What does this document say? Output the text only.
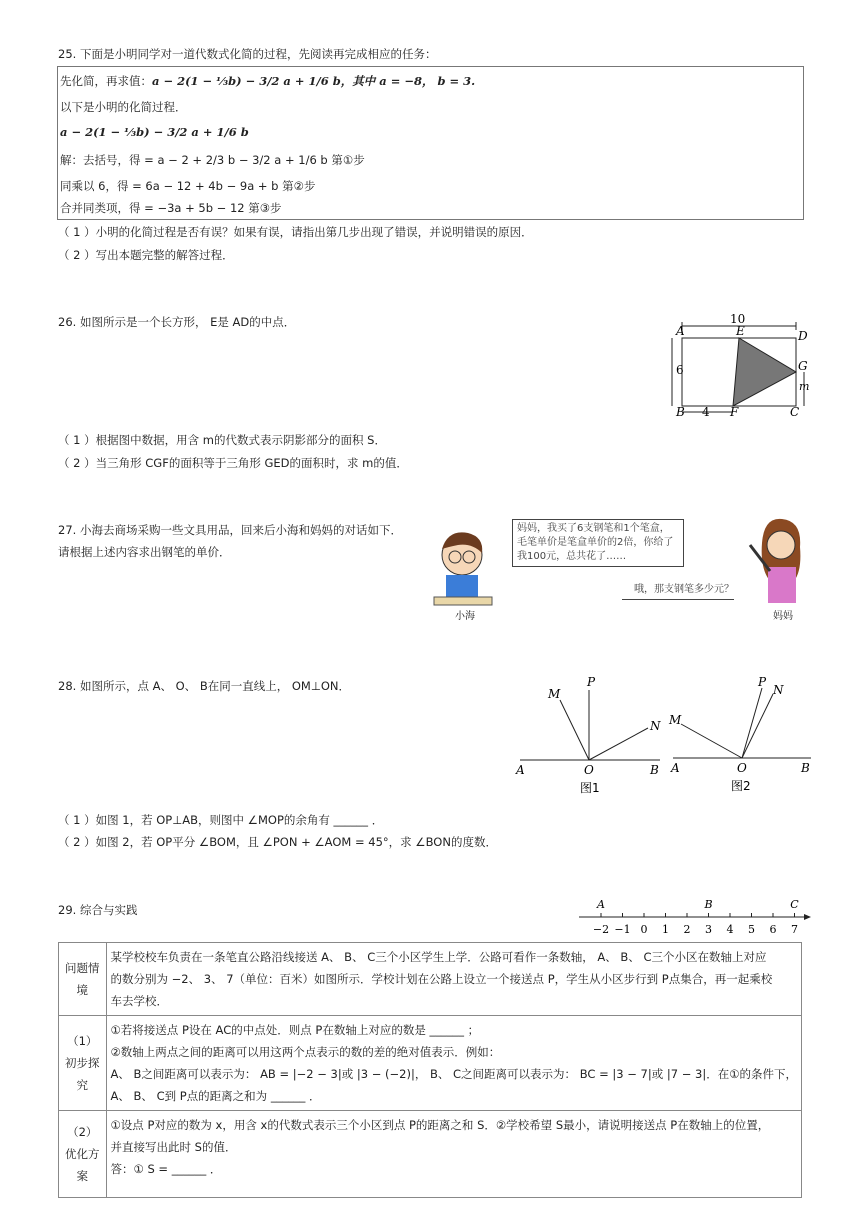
25. 下面是小明同学对一道代数式化简的过程，先阅读再完成相应的任务：
先化简，再求值：a − 2(1 − ⅓b) − 3/2 a + 1/6 b，其中 a = −8， b = 3.
以下是小明的化简过程．
a − 2(1 − ⅓b) − 3/2 a + 1/6 b
解：去括号，得 = a − 2 + 2/3 b − 3/2 a + 1/6 b 第①步
同乘以 6，得 = 6a − 12 + 4b − 9a + b 第②步
合并同类项，得 = −3a + 5b − 12 第③步
（ 1 ）小明的化简过程是否有误？如果有误，请指出第几步出现了错误，并说明错误的原因．
（ 2 ）写出本题完整的解答过程．
26. 如图所示是一个长方形， E是 AD的中点．	10
6
4
m
A	D
E
G
B	F	C
（ 1 ）根据图中数据，用含 m的代数式表示阴影部分的面积 S．
（ 2 ）当三角形 CGF的面积等于三角形 GED的面积时，求 m的值．
27. 小海去商场采购一些文具用品，回来后小海和妈妈的对话如下．
请根据上述内容求出钢笔的单价．
妈妈，我买了6支钢笔和1个笔盒，毛笔单价是笔盒单价的2倍，你给了我100元，总共花了……
小海
哦，那支钢笔多少元？
妈妈
28. 如图所示，点 A、 O、 B在同一直线上， OM⊥ON．
M
P
N
A	O	B
图1
M
P
N
A	O	B
图2
（ 1 ）如图 1，若 OP⊥AB，则图中 ∠MOP的余角有 ______ ．
（ 2 ）如图 2，若 OP平分 ∠BOM，且 ∠PON + ∠AOM = 45°，求 ∠BON的度数．
29. 综合与实践
−2 −1 0 1 2 3 4 5 6 7
A	B	C
问题情境	某学校校车负责在一条笔直公路沿线接送 A、 B、 C三个小区学生上学．公路可看作一条数轴， A、 B、 C三个小区在数轴上对应
的数分别为 −2、 3、 7（单位：百米）如图所示．学校计划在公路上设立一个接送点 P，学生从小区步行到 P点集合，再一起乘校
车去学校．

（1）初步探究	①若将接送点 P设在 AC的中点处．则点 P在数轴上对应的数是 ______ ；
②数轴上两点之间的距离可以用这两个点表示的数的差的绝对值表示．例如：
A、 B之间距离可以表示为： AB = |−2 − 3|或 |3 − (−2)|， B、 C之间距离可以表示为： BC = |3 − 7|或 |7 − 3|．在①的条件下，
A、 B、 C到 P点的距离之和为 ______ ．

（2）优化方案	①设点 P对应的数为 x，用含 x的代数式表示三个小区到点 P的距离之和 S．②学校希望 S最小，请说明接送点 P在数轴上的位置，
并直接写出此时 S的值．
答：① S = ______ ．
